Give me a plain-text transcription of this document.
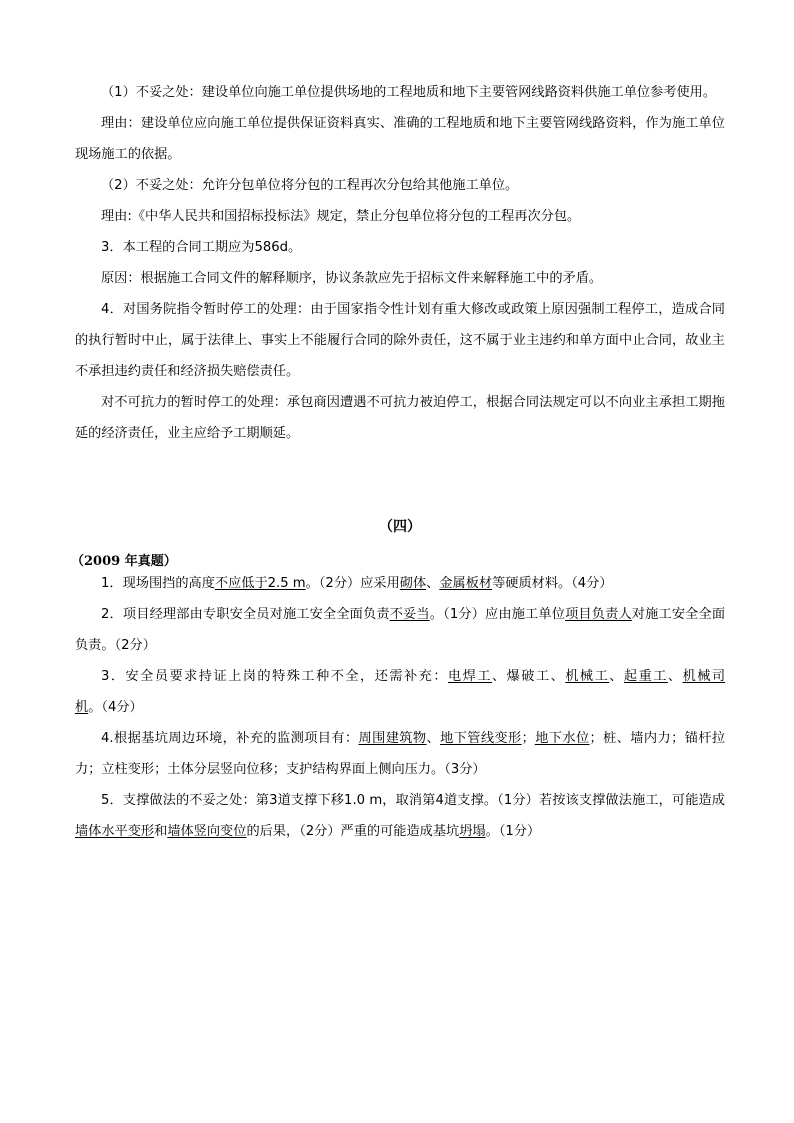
（1）不妥之处：建设单位向施工单位提供场地的工程地质和地下主要管网线路资料供施工单位参考使用。

理由：建设单位应向施工单位提供保证资料真实、准确的工程地质和地下主要管网线路资料，作为施工单位现场施工的依据。

（2）不妥之处：允许分包单位将分包的工程再次分包给其他施工单位。

理由:《中华人民共和国招标投标法》规定，禁止分包单位将分包的工程再次分包。

3．本工程的合同工期应为586d。

原因：根据施工合同文件的解释顺序，协议条款应先于招标文件来解释施工中的矛盾。

4．对国务院指令暂时停工的处理：由于国家指令性计划有重大修改或政策上原因强制工程停工，造成合同的执行暂时中止，属于法律上、事实上不能履行合同的除外责任，这不属于业主违约和单方面中止合同，故业主不承担违约责任和经济损失赔偿责任。

对不可抗力的暂时停工的处理：承包商因遭遇不可抗力被迫停工，根据合同法规定可以不向业主承担工期拖延的经济责任，业主应给予工期顺延。

（四）
（2009 年真题）

1．现场围挡的高度不应低于2.5 m。（2分）应采用砌体、金属板材等硬质材料。（4分）

2．项目经理部由专职安全员对施工安全全面负责不妥当。（1分）应由施工单位项目负责人对施工安全全面负责。（2分）

3．安全员要求持证上岗的特殊工种不全，还需补充：电焊工、爆破工、机械工、起重工、机械司机。（4分）

4.根据基坑周边环境，补充的监测项目有：周围建筑物、地下管线变形；地下水位；桩、墙内力；锚杆拉力；立柱变形；土体分层竖向位移；支护结构界面上侧向压力。（3分）

5．支撑做法的不妥之处：第3道支撑下移1.0 m，取消第4道支撑。（1分）若按该支撑做法施工，可能造成墙体水平变形和墙体竖向变位的后果，（2分）严重的可能造成基坑坍塌。（1分）
